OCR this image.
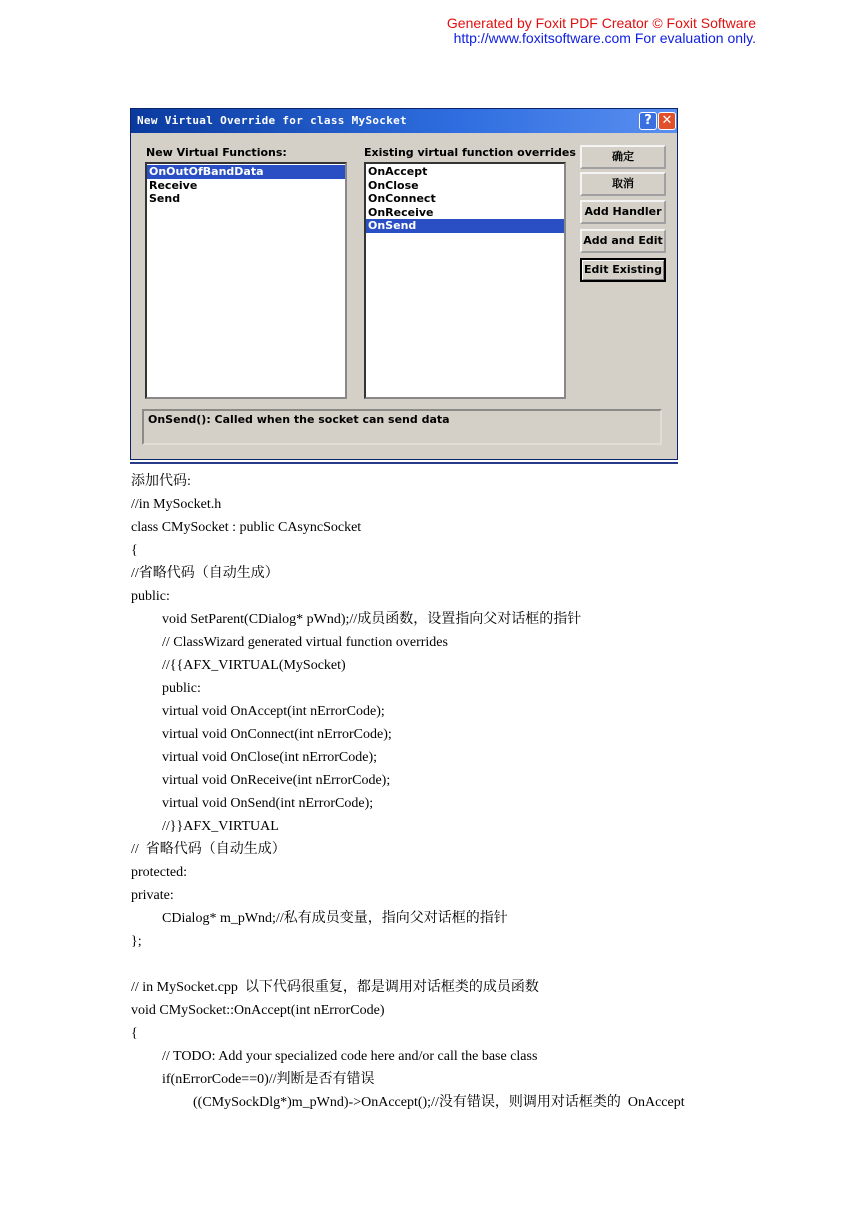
Generated by Foxit PDF Creator © Foxit Software
http://www.foxitsoftware.com For evaluation only.
New Virtual Override for class MySocket	? ✕
New Virtual Functions:	Existing virtual function overrides
OnOutOfBandData
Receive
Send
OnAccept
OnClose
OnConnect
OnReceive
OnSend
确定
取消
Add Handler
Add and Edit
Edit Existing
OnSend(): Called when the socket can send data
添加代码:
//in MySocket.h
class CMySocket : public CAsyncSocket
{
//省略代码（自动生成）
public:
void SetParent(CDialog* pWnd);//成员函数，设置指向父对话框的指针
// ClassWizard generated virtual function overrides
//{{AFX_VIRTUAL(MySocket)
public:
virtual void OnAccept(int nErrorCode);
virtual void OnConnect(int nErrorCode);
virtual void OnClose(int nErrorCode);
virtual void OnReceive(int nErrorCode);
virtual void OnSend(int nErrorCode);
//}}AFX_VIRTUAL
//  省略代码（自动生成）
protected:
private:
CDialog* m_pWnd;//私有成员变量，指向父对话框的指针
};
// in MySocket.cpp  以下代码很重复，都是调用对话框类的成员函数
void CMySocket::OnAccept(int nErrorCode)
{
// TODO: Add your specialized code here and/or call the base class
if(nErrorCode==0)//判断是否有错误
((CMySockDlg*)m_pWnd)->OnAccept();//没有错误，则调用对话框类的  OnAccept
